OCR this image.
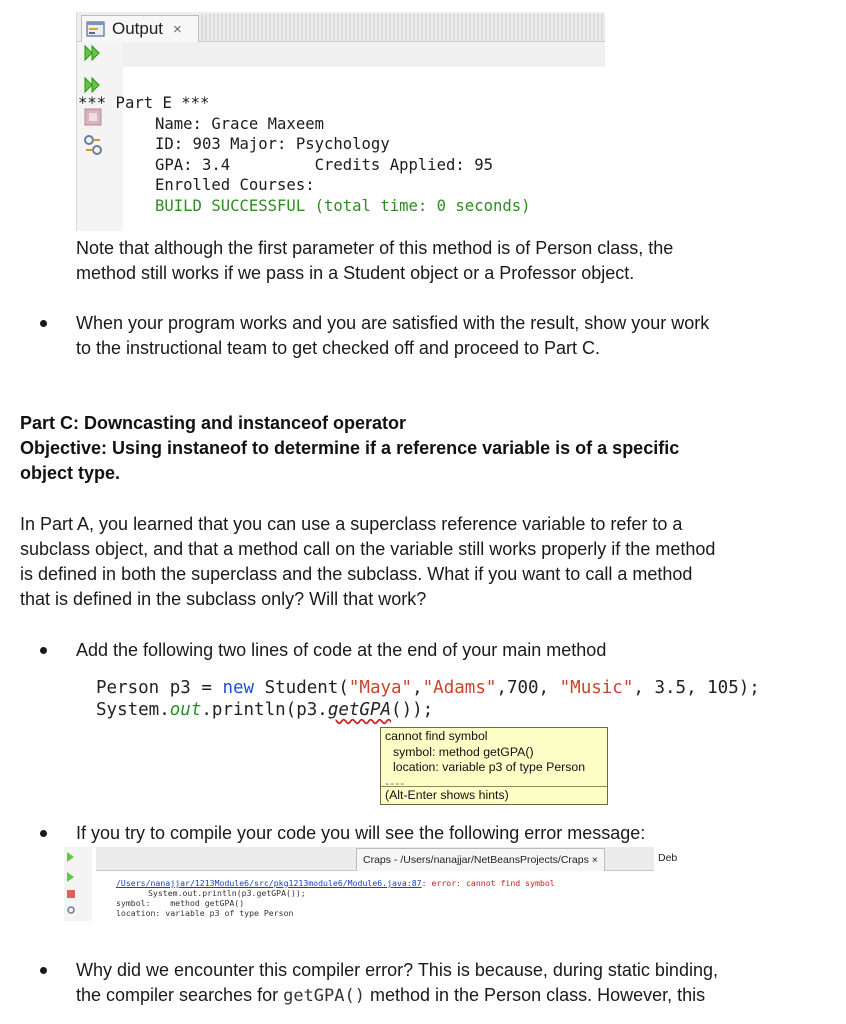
Output ×
*** Part E ***
Name: Grace Maxeem
ID: 903 Major: Psychology
GPA: 3.4         Credits Applied: 95
Enrolled Courses:
BUILD SUCCESSFUL (total time: 0 seconds)
Note that although the first parameter of this method is of Person class, the
method still works if we pass in a Student object or a Professor object.
When your program works and you are satisfied with the result, show your work
to the instructional team to get checked off and proceed to Part C.
Part C: Downcasting and instanceof operator
Objective: Using instaneof to determine if a reference variable is of a specific
object type.
In Part A, you learned that you can use a superclass reference variable to refer to a
subclass object, and that a method call on the variable still works properly if the method
is defined in both the superclass and the subclass. What if you want to call a method
that is defined in the subclass only? Will that work?
Add the following two lines of code at the end of your main method
Person p3 = new Student("Maya","Adams",700, "Music", 3.5, 105);
System.out.println(p3.getGPA());
cannot find symbol
symbol: method getGPA()
location: variable p3 of type Person
----
(Alt-Enter shows hints)
If you try to compile your code you will see the following error message:
Craps - /Users/nanajjar/NetBeansProjects/Craps ×	Deb
/Users/nanajjar/1213Module6/src/pkg1213module6/Module6.java:87: error: cannot find symbol
System.out.println(p3.getGPA());
symbol:    method getGPA()
location: variable p3 of type Person
Why did we encounter this compiler error? This is because, during static binding,
the compiler searches for getGPA() method in the Person class. However, this
